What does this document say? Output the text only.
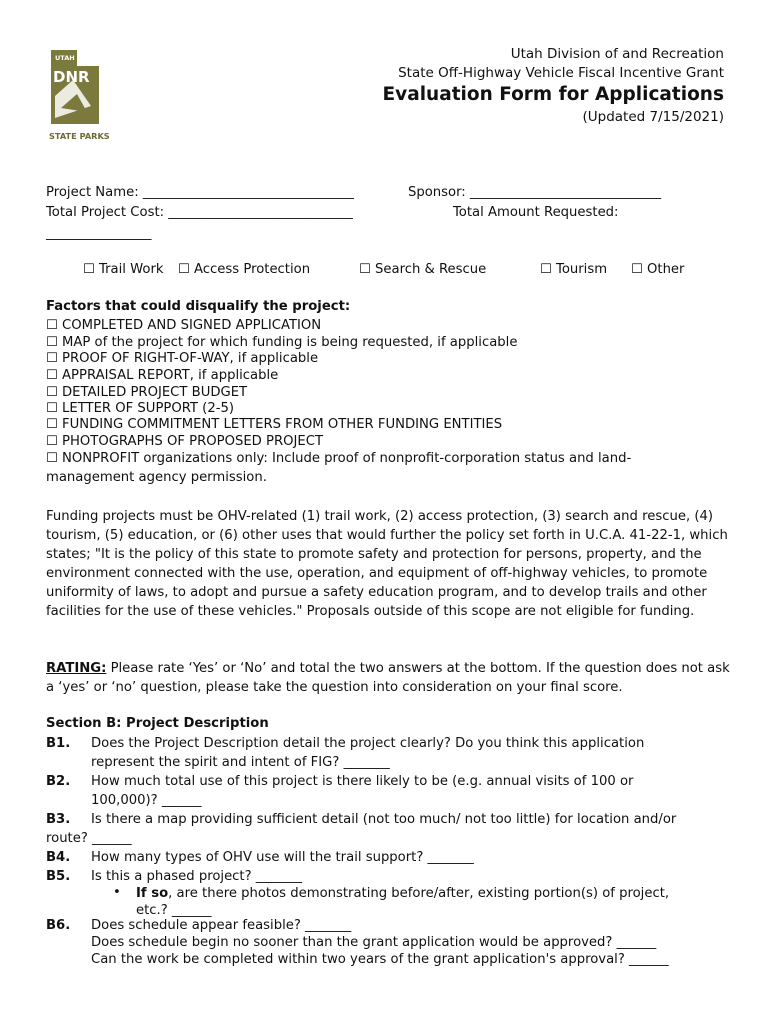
UTAH
DNR
STATE PARKS
Utah Division of and Recreation
State Off-Highway Vehicle Fiscal Incentive Grant
Evaluation Form for Applications
(Updated 7/15/2021)
Project Name: ________________________________	Sponsor: _____________________________
Total Project Cost: ____________________________	Total Amount Requested:
________________
☐ Trail Work ☐ Access Protection	☐ Search & Rescue	☐ Tourism ☐ Other
Factors that could disqualify the project:
☐ COMPLETED AND SIGNED APPLICATION
☐ MAP of the project for which funding is being requested, if applicable
☐ PROOF OF RIGHT-OF-WAY, if applicable
☐ APPRAISAL REPORT, if applicable
☐ DETAILED PROJECT BUDGET
☐ LETTER OF SUPPORT (2-5)
☐ FUNDING COMMITMENT LETTERS FROM OTHER FUNDING ENTITIES
☐ PHOTOGRAPHS OF PROPOSED PROJECT
☐ NONPROFIT organizations only: Include proof of nonprofit-corporation status and land-
management agency permission.
Funding projects must be OHV-related (1) trail work, (2) access protection, (3) search and rescue, (4) tourism, (5) education, or (6) other uses that would further the policy set forth in U.C.A. 41-22-1, which states; "It is the policy of this state to promote safety and protection for persons, property, and the environment connected with the use, operation, and equipment of off-highway vehicles, to promote uniformity of laws, to adopt and pursue a safety education program, and to develop trails and other facilities for the use of these vehicles." Proposals outside of this scope are not eligible for funding.
RATING: Please rate ‘Yes’ or ‘No’ and total the two answers at the bottom. If the question does not ask a ‘yes’ or ‘no’ question, please take the question into consideration on your final score.
Section B: Project Description
B1. Does the Project Description detail the project clearly? Do you think this application
represent the spirit and intent of FIG? _______
B2. How much total use of this project is there likely to be (e.g. annual visits of 100 or
100,000)? ______
B3. Is there a map providing sufficient detail (not too much/ not too little) for location and/or
route? ______
B4. How many types of OHV use will the trail support? _______
B5. Is this a phased project? _______
• If so, are there photos demonstrating before/after, existing portion(s) of project,
etc.? ______
B6. Does schedule appear feasible? _______
Does schedule begin no sooner than the grant application would be approved? ______
Can the work be completed within two years of the grant application's approval? ______
